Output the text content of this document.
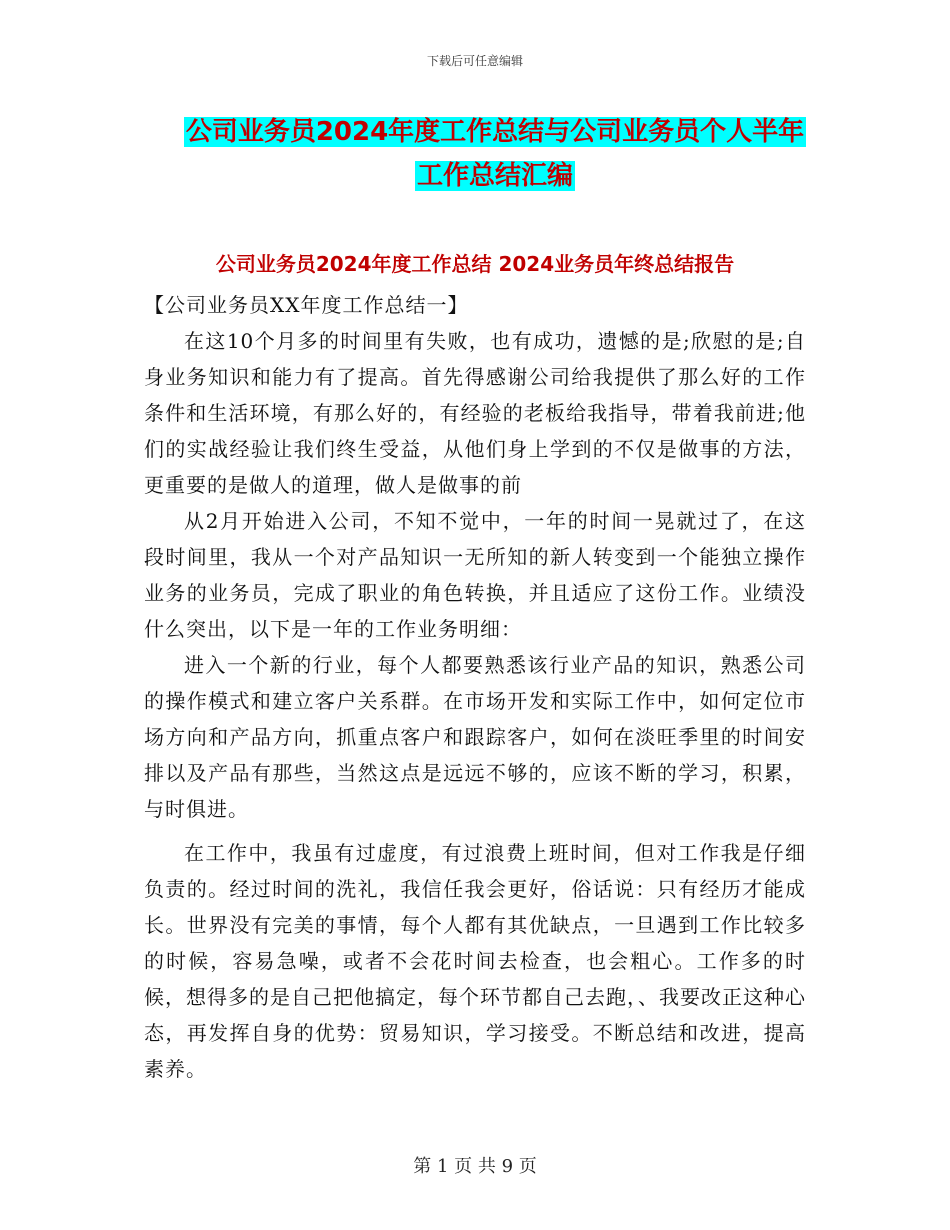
下载后可任意编辑
公司业务员2024年度工作总结与公司业务员个人半年
工作总结汇编
公司业务员2024年度工作总结 2024业务员年终总结报告

【公司业务员XX年度工作总结一】

在这10个月多的时间里有失败，也有成功，遗憾的是;欣慰的是;自身业务知识和能力有了提高。首先得感谢公司给我提供了那么好的工作条件和生活环境，有那么好的，有经验的老板给我指导，带着我前进;他们的实战经验让我们终生受益，从他们身上学到的不仅是做事的方法，更重要的是做人的道理，做人是做事的前

从2月开始进入公司，不知不觉中，一年的时间一晃就过了，在这段时间里，我从一个对产品知识一无所知的新人转变到一个能独立操作业务的业务员，完成了职业的角色转换，并且适应了这份工作。业绩没什么突出，以下是一年的工作业务明细：

进入一个新的行业，每个人都要熟悉该行业产品的知识，熟悉公司的操作模式和建立客户关系群。在市场开发和实际工作中，如何定位市场方向和产品方向，抓重点客户和跟踪客户，如何在淡旺季里的时间安排以及产品有那些，当然这点是远远不够的，应该不断的学习，积累，与时俱进。

在工作中，我虽有过虚度，有过浪费上班时间，但对工作我是仔细负责的。经过时间的洗礼，我信任我会更好，俗话说：只有经历才能成长。世界没有完美的事情，每个人都有其优缺点，一旦遇到工作比较多的时候，容易急噪，或者不会花时间去检查，也会粗心。工作多的时候，想得多的是自己把他搞定，每个环节都自己去跑，、我要改正这种心态，再发挥自身的优势：贸易知识，学习接受。不断总结和改进，提高素养。

第 1 页 共 9 页
